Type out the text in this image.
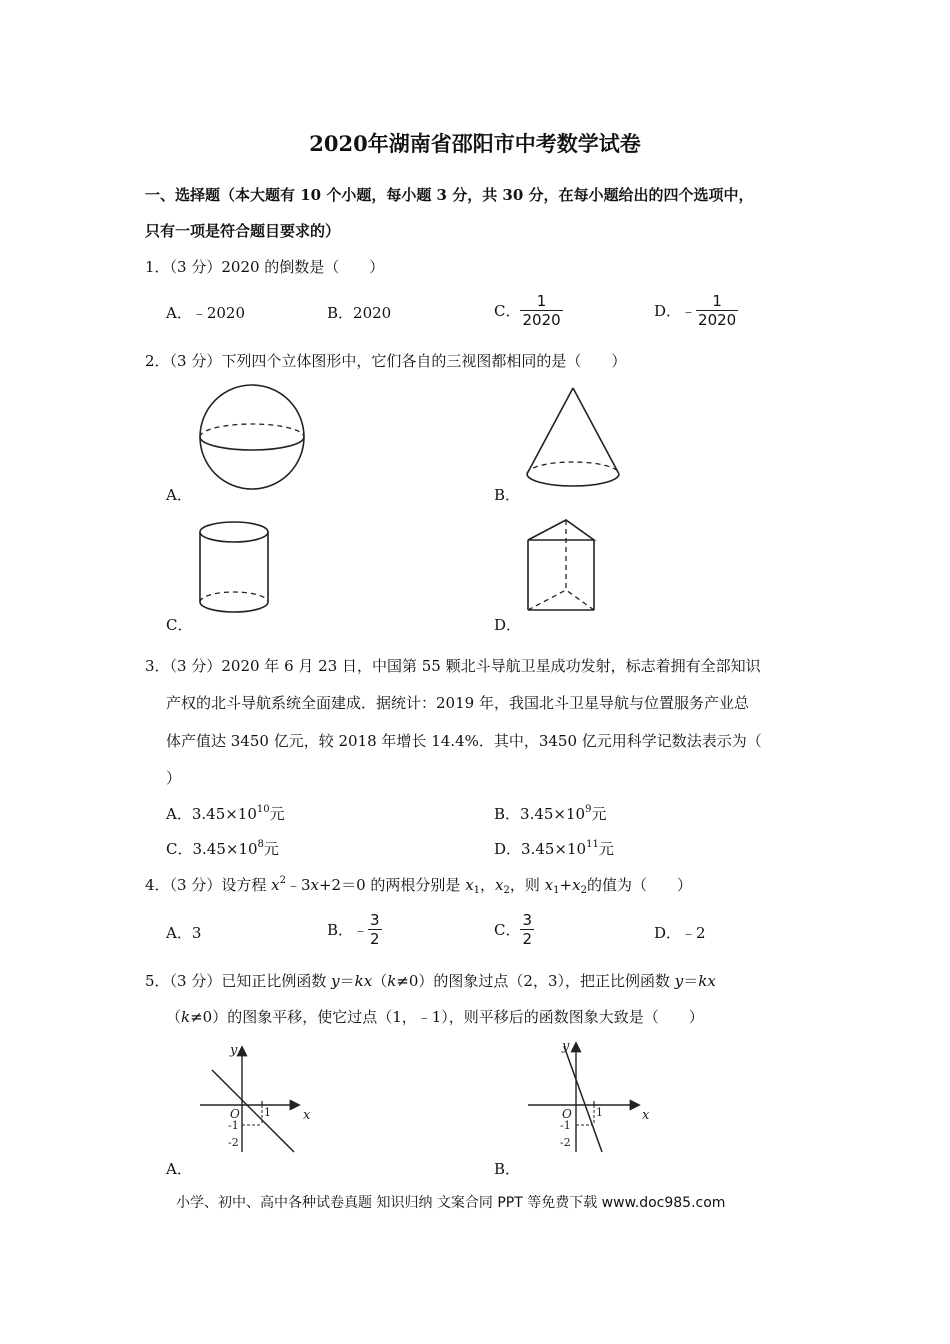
2020年湖南省邵阳市中考数学试卷
一、选择题（本大题有 10 个小题，每小题 3 分，共 30 分，在每小题给出的四个选项中，
只有一项是符合题目要求的）
1．（3 分）2020 的倒数是（　　）
A．﹣2020	B．2020	C． $\frac{1}{2020}$	D．﹣ $\frac{1}{2020}$
2．（3 分）下列四个立体图形中，它们各自的三视图都相同的是（　　）
A．	B．
C．	D．
3．（3 分）2020 年 6 月 23 日，中国第 55 颗北斗导航卫星成功发射，标志着拥有全部知识
产权的北斗导航系统全面建成．据统计：2019 年，我国北斗卫星导航与位置服务产业总
体产值达 3450 亿元，较 2018 年增长 14.4%．其中，3450 亿元用科学记数法表示为（
）
A．$3.45\times 10^{10}$元	B．$3.45\times 10^9$元
C．$3.45\times 10^8$元	D．$3.45\times 10^{11}$元
4．（3 分）设方程 $x^2﹣3x+2=0$ 的两根分别是 $x_1$，$x_2$，则 $x_1+x_2$的值为（　　）
A．3	B．﹣ $\frac{3}{2}$	C． $\frac{3}{2}$	D．﹣2
5．（3 分）已知正比例函数 y＝kx（k≠0）的图象过点（2，3），把正比例函数 y＝kx
（k≠0）的图象平移，使它过点（1，﹣1），则平移后的函数图象大致是（　　）
y
x
O 1
-1
-2
A．
y
x
O 1
-1
-2
B．
小学、初中、高中各种试卷真题 知识归纳 文案合同 PPT 等免费下载 www.doc985.com
